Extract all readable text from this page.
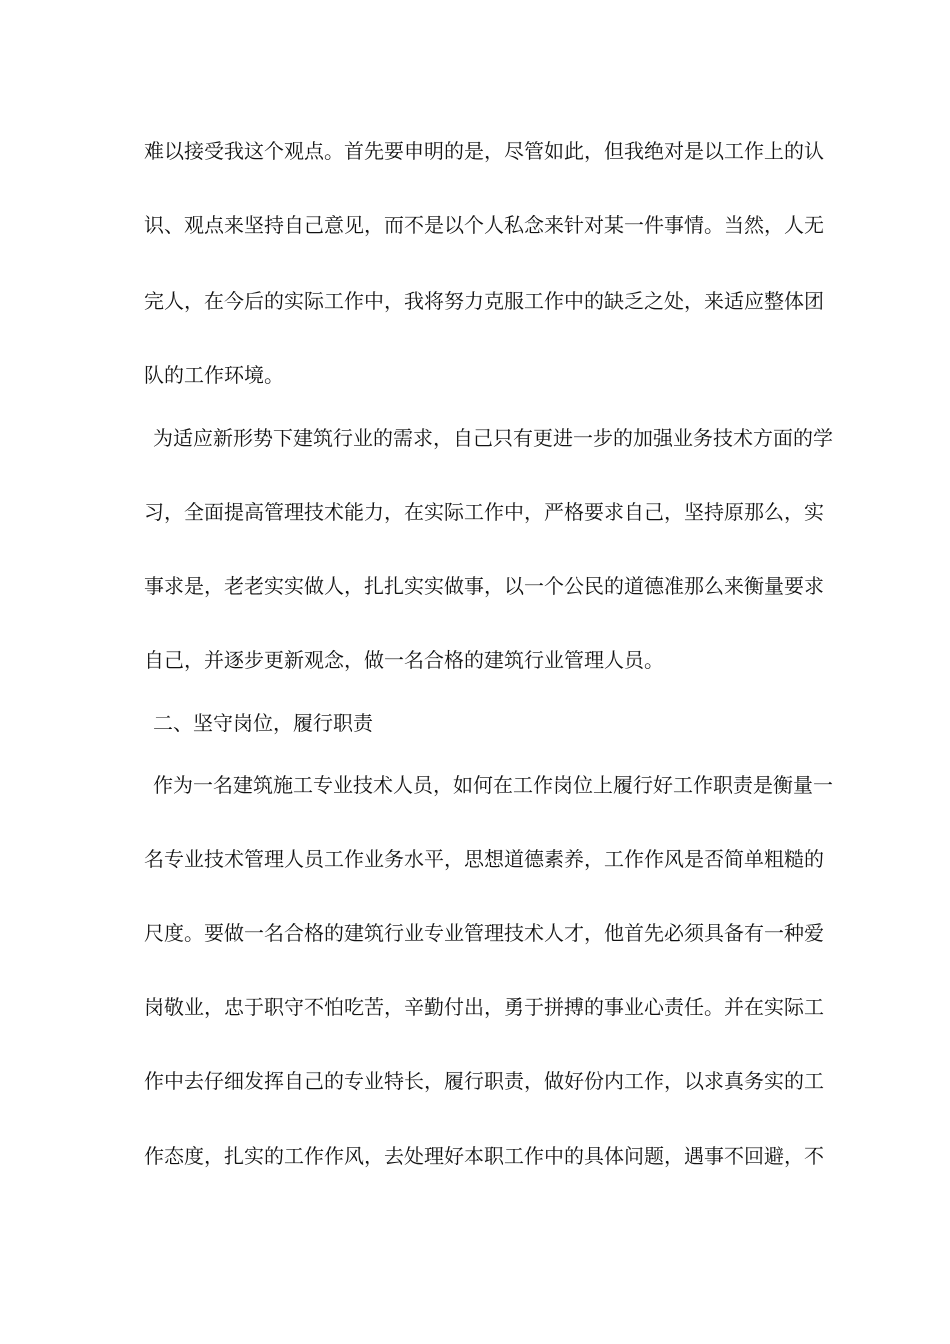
难以接受我这个观点。首先要申明的是，尽管如此，但我绝对是以工作上的认
识、观点来坚持自己意见，而不是以个人私念来针对某一件事情。当然，人无
完人，在今后的实际工作中，我将努力克服工作中的缺乏之处，来适应整体团
队的工作环境。
为适应新形势下建筑行业的需求，自己只有更进一步的加强业务技术方面的学
习，全面提高管理技术能力，在实际工作中，严格要求自己，坚持原那么，实
事求是，老老实实做人，扎扎实实做事，以一个公民的道德准那么来衡量要求
自己，并逐步更新观念，做一名合格的建筑行业管理人员。
二、坚守岗位，履行职责
作为一名建筑施工专业技术人员，如何在工作岗位上履行好工作职责是衡量一
名专业技术管理人员工作业务水平，思想道德素养，工作作风是否简单粗糙的
尺度。要做一名合格的建筑行业专业管理技术人才，他首先必须具备有一种爱
岗敬业，忠于职守不怕吃苦，辛勤付出，勇于拼搏的事业心责任。并在实际工
作中去仔细发挥自己的专业特长，履行职责，做好份内工作，以求真务实的工
作态度，扎实的工作作风，去处理好本职工作中的具体问题，遇事不回避，不
